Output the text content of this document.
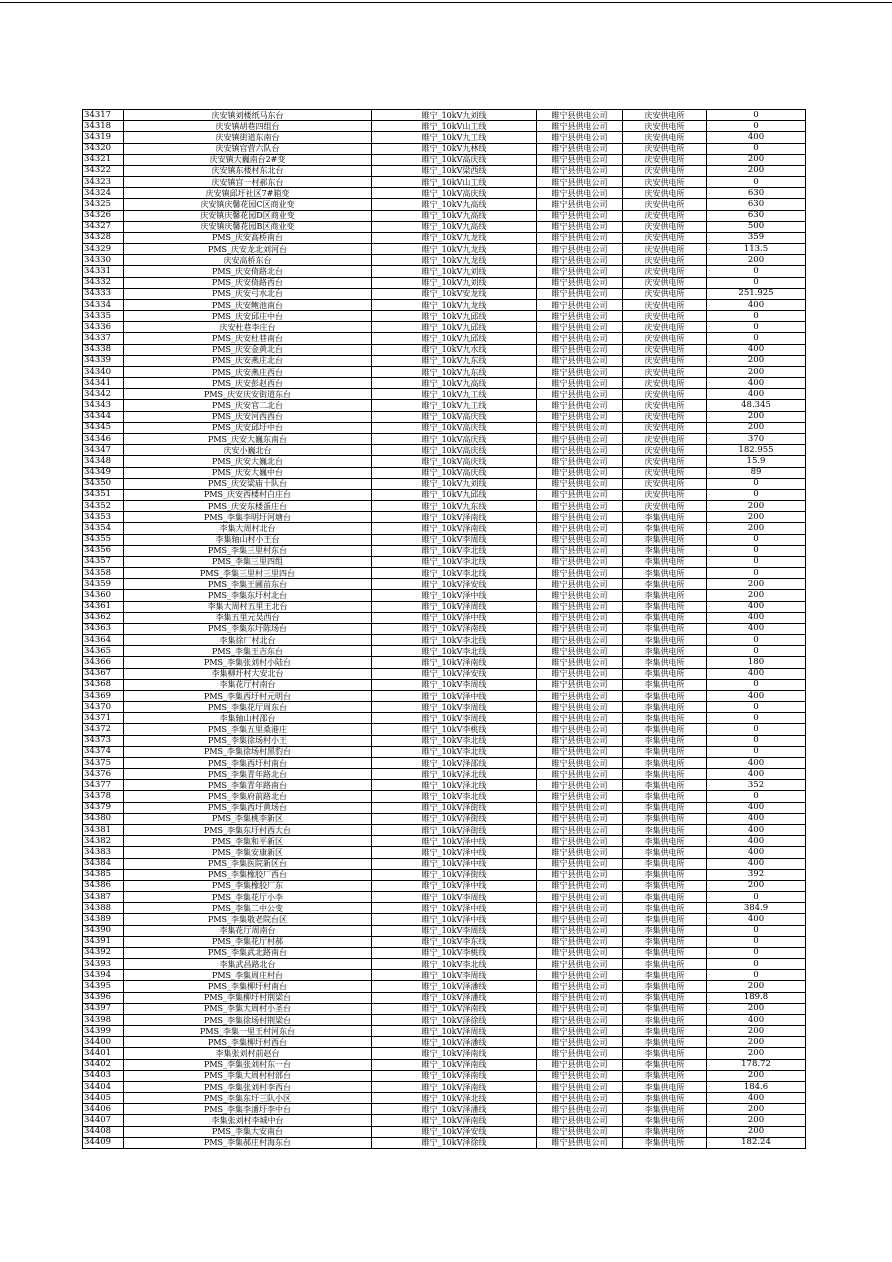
34317	庆安镇刘楼纸马东台	睢宁_10kV九刘线	睢宁县供电公司	庆安供电所	0
34318	庆安镇胡巷四组台	睢宁_10kV山工线	睢宁县供电公司	庆安供电所	0
34319	庆安镇街道东南台	睢宁_10kV九工线	睢宁县供电公司	庆安供电所	400
34320	庆安镇官营六队台	睢宁_10kV九林线	睢宁县供电公司	庆安供电所	0
34321	庆安镇大巍南台2#变	睢宁_10kV高庆线	睢宁县供电公司	庆安供电所	200
34322	庆安镇东楼村东北台	睢宁_10kV梁西线	睢宁县供电公司	庆安供电所	200
34323	庆安镇官一村郝东台	睢宁_10kV山工线	睢宁县供电公司	庆安供电所	0
34324	庆安镇邱圩社区7#箱变	睢宁_10kV高庆线	睢宁县供电公司	庆安供电所	630
34325	庆安镇庆馨花园C区商业变	睢宁_10kV九高线	睢宁县供电公司	庆安供电所	630
34326	庆安镇庆馨花园D区商业变	睢宁_10kV九高线	睢宁县供电公司	庆安供电所	630
34327	庆安镇庆馨花园B区商业变	睢宁_10kV九高线	睢宁县供电公司	庆安供电所	500
34328	PMS_庆安高桥南台	睢宁_10kV九龙线	睢宁县供电公司	庆安供电所	359
34329	PMS_庆安龙北刘河台	睢宁_10kV九龙线	睢宁县供电公司	庆安供电所	113.5
34330	庆安高桥东台	睢宁_10kV九龙线	睢宁县供电公司	庆安供电所	200
34331	PMS_庆安倚路北台	睢宁_10kV九刘线	睢宁县供电公司	庆安供电所	0
34332	PMS_庆安倚路西台	睢宁_10kV九刘线	睢宁县供电公司	庆安供电所	0
34333	PMS_庆安弓水北台	睢宁_10kV安龙线	睢宁县供电公司	庆安供电所	251.925
34334	PMS_庆安鲍池南台	睢宁_10kV九龙线	睢宁县供电公司	庆安供电所	400
34335	PMS_庆安邱庄中台	睢宁_10kV九邱线	睢宁县供电公司	庆安供电所	0
34336	庆安杜巷李庄台	睢宁_10kV九邱线	睢宁县供电公司	庆安供电所	0
34337	PMS_庆安杜巷南台	睢宁_10kV九邱线	睢宁县供电公司	庆安供电所	0
34338	PMS_庆安金黄北台	睢宁_10kV九水线	睢宁县供电公司	庆安供电所	400
34339	PMS_庆安燕庄北台	睢宁_10kV九东线	睢宁县供电公司	庆安供电所	200
34340	PMS_庆安燕庄西台	睢宁_10kV九东线	睢宁县供电公司	庆安供电所	200
34341	PMS_庆安彭赵西台	睢宁_10kV九高线	睢宁县供电公司	庆安供电所	400
34342	PMS_庆安庆安街道东台	睢宁_10kV九工线	睢宁县供电公司	庆安供电所	400
34343	PMS_庆安官二北台	睢宁_10kV九工线	睢宁县供电公司	庆安供电所	48.345
34344	PMS_庆安河西西台	睢宁_10kV高庆线	睢宁县供电公司	庆安供电所	200
34345	PMS_庆安邱圩中台	睢宁_10kV高庆线	睢宁县供电公司	庆安供电所	200
34346	PMS_庆安大巍东南台	睢宁_10kV高庆线	睢宁县供电公司	庆安供电所	370
34347	庆安小巍北台	睢宁_10kV高庆线	睢宁县供电公司	庆安供电所	182.955
34348	PMS_庆安大巍北台	睢宁_10kV高庆线	睢宁县供电公司	庆安供电所	15.9
34349	PMS_庆安大巍中台	睢宁_10kV高庆线	睢宁县供电公司	庆安供电所	89
34350	PMS_庆安梁庙十队台	睢宁_10kV九刘线	睢宁县供电公司	庆安供电所	0
34351	PMS_庆安西楼村白庄台	睢宁_10kV九邱线	睢宁县供电公司	庆安供电所	0
34352	PMS_庆安东楼蛋庄台	睢宁_10kV九东线	睢宁县供电公司	庆安供电所	200
34353	PMS_李集李明圩河塘台	睢宁_10kV泽南线	睢宁县供电公司	李集供电所	200
34354	李集大周村北台	睢宁_10kV泽南线	睢宁县供电公司	李集供电所	200
34355	李集轴山村小王台	睢宁_10kV李周线	睢宁县供电公司	李集供电所	0
34356	PMS_李集三里村东台	睢宁_10kV李北线	睢宁县供电公司	李集供电所	0
34357	PMS_李集三里四组	睢宁_10kV李北线	睢宁县供电公司	李集供电所	0
34358	PMS_李集三里村三里四台	睢宁_10kV李北线	睢宁县供电公司	李集供电所	0
34359	PMS_李集王圃苗东台	睢宁_10kV泽安线	睢宁县供电公司	李集供电所	200
34360	PMS_李集东圩村北台	睢宁_10kV泽中线	睢宁县供电公司	李集供电所	200
34361	李集大周村五里王北台	睢宁_10kV泽周线	睢宁县供电公司	李集供电所	400
34362	李集五里元吴西台	睢宁_10kV泽中线	睢宁县供电公司	李集供电所	400
34363	PMS_李集东圩陈场台	睢宁_10kV泽南线	睢宁县供电公司	李集供电所	400
34364	李集徐厂村北台	睢宁_10kV李北线	睢宁县供电公司	李集供电所	0
34365	PMS_李集王吉东台	睢宁_10kV李北线	睢宁县供电公司	李集供电所	0
34366	PMS_李集张刘村小陆台	睢宁_10kV泽南线	睢宁县供电公司	李集供电所	180
34367	李集柳圩村大安北台	睢宁_10kV泽安线	睢宁县供电公司	李集供电所	400
34368	李集花厅村南台	睢宁_10kV李周线	睢宁县供电公司	李集供电所	0
34369	PMS_李集西圩村元明台	睢宁_10kV泽中线	睢宁县供电公司	李集供电所	400
34370	PMS_李集花厅周东台	睢宁_10kV李周线	睢宁县供电公司	李集供电所	0
34371	李集轴山村邵台	睢宁_10kV李周线	睢宁县供电公司	李集供电所	0
34372	PMS_李集五里桑港庄	睢宁_10kV李桃线	睢宁县供电公司	李集供电所	0
34373	PMS_李集徐场村小王	睢宁_10kV李北线	睢宁县供电公司	李集供电所	0
34374	PMS_李集徐场村黑豹台	睢宁_10kV李北线	睢宁县供电公司	李集供电所	0
34375	PMS_李集西圩村南台	睢宁_10kV泽邵线	睢宁县供电公司	李集供电所	400
34376	PMS_李集青年路北台	睢宁_10kV泽北线	睢宁县供电公司	李集供电所	400
34377	PMS_李集青年路南台	睢宁_10kV泽北线	睢宁县供电公司	李集供电所	352
34378	PMS_李集府前路北台	睢宁_10kV李北线	睢宁县供电公司	李集供电所	0
34379	PMS_李集西圩黄场台	睢宁_10kV泽街线	睢宁县供电公司	李集供电所	400
34380	PMS_李集桃李新区	睢宁_10kV泽街线	睢宁县供电公司	李集供电所	400
34381	PMS_李集东圩村西大台	睢宁_10kV泽街线	睢宁县供电公司	李集供电所	400
34382	PMS_李集和平新区	睢宁_10kV泽中线	睢宁县供电公司	李集供电所	400
34383	PMS_李集安康新区	睢宁_10kV泽中线	睢宁县供电公司	李集供电所	400
34384	PMS_李集医院新区台	睢宁_10kV泽中线	睢宁县供电公司	李集供电所	400
34385	PMS_李集橡胶厂西台	睢宁_10kV泽街线	睢宁县供电公司	李集供电所	392
34386	PMS_李集橡胶厂东	睢宁_10kV泽中线	睢宁县供电公司	李集供电所	200
34387	PMS_李集花厅小李	睢宁_10kV李周线	睢宁县供电公司	李集供电所	0
34388	PMS_李集二中公变	睢宁_10kV泽中线	睢宁县供电公司	李集供电所	384.9
34389	PMS_李集敬老院台区	睢宁_10kV泽中线	睢宁县供电公司	李集供电所	400
34390	李集花厅周南台	睢宁_10kV李周线	睢宁县供电公司	李集供电所	0
34391	PMS_李集花厅村郝	睢宁_10kV李东线	睢宁县供电公司	李集供电所	0
34392	PMS_李集武北路南台	睢宁_10kV李桃线	睢宁县供电公司	李集供电所	0
34393	李集武昌路北台	睢宁_10kV李北线	睢宁县供电公司	李集供电所	0
34394	PMS_李集周庄村台	睢宁_10kV李周线	睢宁县供电公司	李集供电所	0
34395	PMS_李集柳圩村南台	睢宁_10kV泽潘线	睢宁县供电公司	李集供电所	200
34396	PMS_李集柳圩村荆梁台	睢宁_10kV泽潘线	睢宁县供电公司	李集供电所	189.8
34397	PMS_李集大周村小圣台	睢宁_10kV泽南线	睢宁县供电公司	李集供电所	200
34398	PMS_李集徐场村荆梁台	睢宁_10kV泽徐线	睢宁县供电公司	李集供电所	400
34399	PMS_李集一里王村河东台	睢宁_10kV泽周线	睢宁县供电公司	李集供电所	200
34400	PMS_李集柳圩村西台	睢宁_10kV泽潘线	睢宁县供电公司	李集供电所	200
34401	李集张刘村前赵台	睢宁_10kV泽南线	睢宁县供电公司	李集供电所	200
34402	PMS_李集张刘村东一台	睢宁_10kV泽南线	睢宁县供电公司	李集供电所	178.72
34403	PMS_李集大周村村部台	睢宁_10kV泽南线	睢宁县供电公司	李集供电所	200
34404	PMS_李集张刘村李西台	睢宁_10kV泽南线	睢宁县供电公司	李集供电所	184.6
34405	PMS_李集东圩三队小区	睢宁_10kV泽北线	睢宁县供电公司	李集供电所	400
34406	PMS_李集李潘圩李中台	睢宁_10kV泽潘线	睢宁县供电公司	李集供电所	200
34407	李集张刘村李城中台	睢宁_10kV泽南线	睢宁县供电公司	李集供电所	200
34408	PMS_李集大安南台	睢宁_10kV泽安线	睢宁县供电公司	李集供电所	200
34409	PMS_李集郝庄村海东台	睢宁_10kV泽徐线	睢宁县供电公司	李集供电所	182.24
